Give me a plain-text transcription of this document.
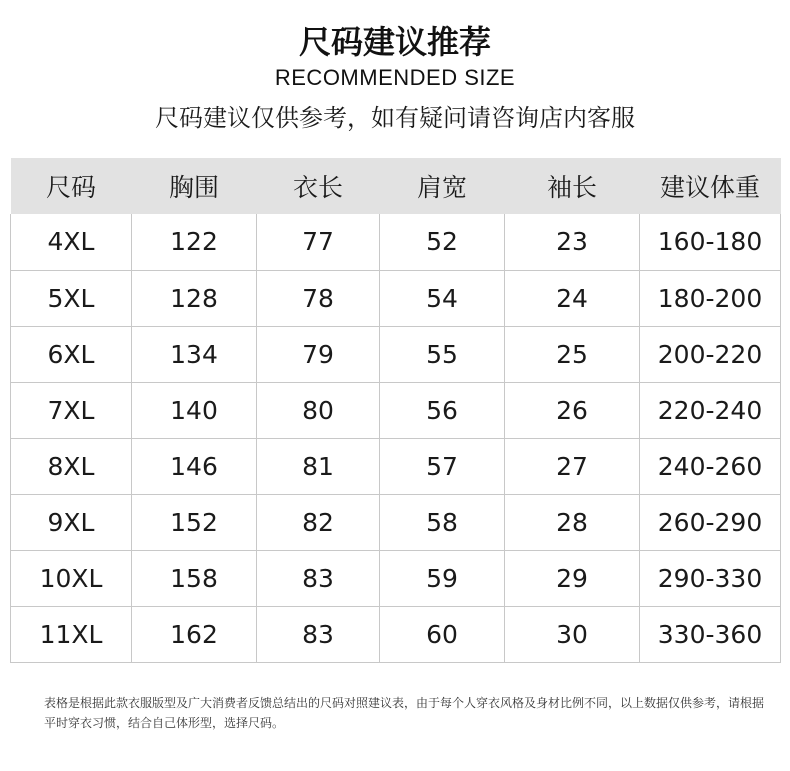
尺码建议推荐
RECOMMENDED SIZE
尺码建议仅供参考，如有疑问请咨询店内客服
尺码	胸围	衣长	肩宽	袖长	建议体重
4XL	122	77	52	23	160-180
5XL	128	78	54	24	180-200
6XL	134	79	55	25	200-220
7XL	140	80	56	26	220-240
8XL	146	81	57	27	240-260
9XL	152	82	58	28	260-290
10XL	158	83	59	29	290-330
11XL	162	83	60	30	330-360
表格是根据此款衣服版型及广大消费者反馈总结出的尺码对照建议表，由于每个人穿衣风格及身材比例不同，以上数据仅供参考，请根据平时穿衣习惯，结合自己体形型，选择尺码。
